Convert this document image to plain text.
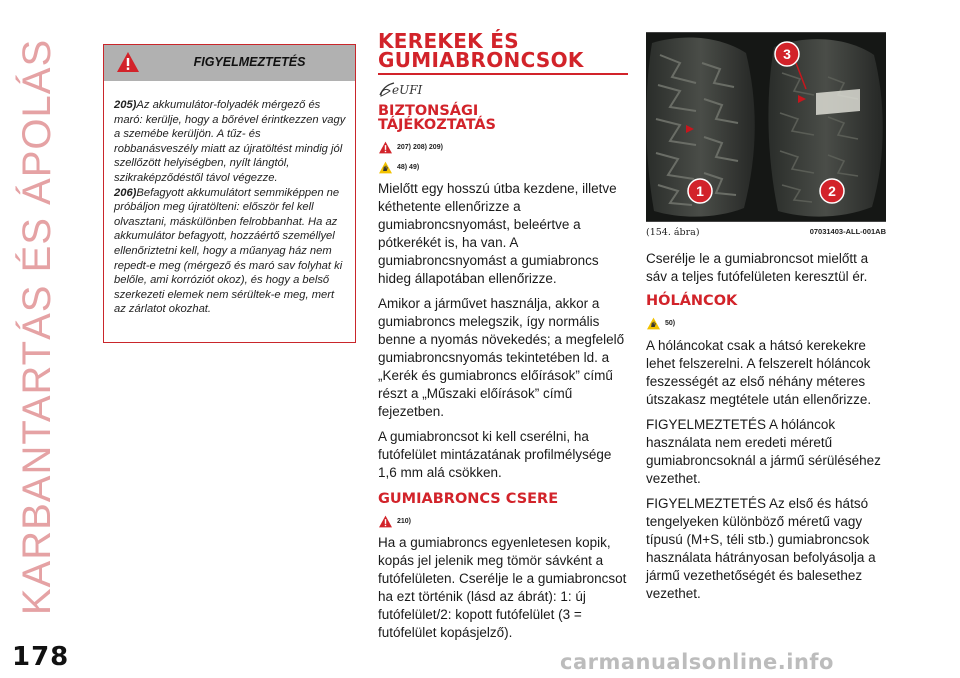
KARBANTARTÁS ÉS ÁPOLÁS	FIGYELMEZTETÉS

205)Az akkumulátor-folyadék mérgező és maró: kerülje, hogy a bőrével érintkezzen vagy a szemébe kerüljön. A tűz- és robbanásveszély miatt az újratöltést mindig jól szellőzött helyiségben, nyílt lángtól, szikraképződéstől távol végezze.

206)Befagyott akkumulátort semmiképpen ne próbáljon meg újratölteni: először fel kell olvasztani, máskülönben felrobbanhat. Ha az akkumulátor befagyott, hozzáértő személlyel ellenőriztetni kell, hogy a műanyag ház nem repedt-e meg (mérgező és maró sav folyhat ki belőle, ami korróziót okoz), és hogy a belső szerkezeti elemek nem sérültek-e meg, mert az zárlatot okozhat.

KEREKEK ÉS
GUMIABRONCSOK
eUFI
BIZTONSÁGI
TÁJÉKOZTATÁS
207) 208) 209)
48) 49)

Mielőtt egy hosszú útba kezdene, illetve kéthetente ellenőrizze a gumiabroncsnyomást, beleértve a pótkerékét is, ha van. A gumiabroncsnyomást a gumiabroncs hideg állapotában ellenőrizze.

Amikor a járművet használja, akkor a gumiabroncs melegszik, így normális benne a nyomás növekedés; a megfelelő gumiabroncsnyomás tekintetében ld. a „Kerék és gumiabroncs előírások” című részt a „Műszaki előírások” című fejezetben.

A gumiabroncsot ki kell cserélni, ha futófelület mintázatának profilmélysége 1,6 mm alá csökken.

GUMIABRONCS CSERE
210)

Ha a gumiabroncs egyenletesen kopik, kopás jel jelenik meg tömör sávként a futófelületen. Cserélje le a gumiabroncsot ha ezt történik (lásd az ábrát): 1: új futófelület/2: kopott futófelület (3 = futófelület kopásjelző).

1	2
3
(154. ábra)	07031403-ALL-001AB

Cserélje le a gumiabroncsot mielőtt a sáv a teljes futófelületen keresztül ér.

HÓLÁNCOK
50)

A hóláncokat csak a hátsó kerekekre lehet felszerelni. A felszerelt hóláncok feszességét az első néhány méteres útszakasz megtétele után ellenőrizze.

FIGYELMEZTETÉS A hóláncok használata nem eredeti méretű gumiabroncsoknál a jármű sérüléséhez vezethet.

FIGYELMEZTETÉS Az első és hátsó tengelyeken különböző méretű vagy típusú (M+S, téli stb.) gumiabroncsok használata hátrányosan befolyásolja a jármű vezethetőségét és balesethez vezethet.

178	carmanualsonline.info
